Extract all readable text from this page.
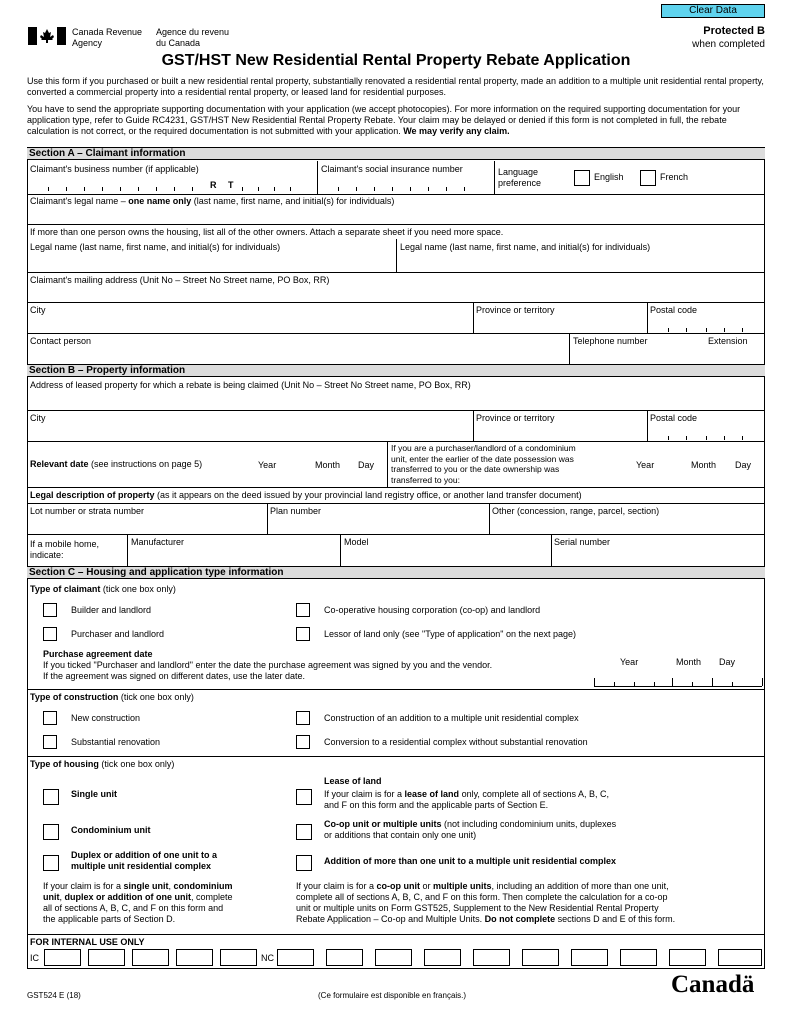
Clear Data
Canada Revenue
Agency
Agence du revenu
du Canada
Protected B
when completed
GST/HST New Residential Rental Property Rebate Application
Use this form if you purchased or built a new residential rental property, substantially renovated a residential rental property, made an addition to a multiple unit residential rental property, converted a commercial property into a residential rental property, or leased land for residential purposes.
You have to send the appropriate supporting documentation with your application (we accept photocopies). For more information on the required supporting documentation for your application type, refer to Guide RC4231, GST/HST New Residential Rental Property Rebate. Your claim may be delayed or denied if this form is not completed in full, the rebate calculation is not correct, or the required documentation is not submitted with your application. We may verify any claim.
Section A – Claimant information
Claimant's business number (if applicable)
R T
Claimant's social insurance number	Language
preference
English	French
Claimant's legal name – one name only (last name, first name, and initial(s) for individuals)
If more than one person owns the housing, list all of the other owners. Attach a separate sheet if you need more space.
Legal name (last name, first name, and initial(s) for individuals)	Legal name (last name, first name, and initial(s) for individuals)
Claimant's mailing address (Unit No – Street No Street name, PO Box, RR)
City	Province or territory	Postal code
Contact person	Telephone number	Extension
Section B – Property information
Address of leased property for which a rebate is being claimed (Unit No – Street No Street name, PO Box, RR)
City	Province or territory	Postal code
Relevant date (see instructions on page 5)	Year	Month Day
If you are a purchaser/landlord of a condominium
unit, enter the earlier of the date possession was
transferred to you or the date ownership was
transferred to you:
Year	Month Day
Legal description of property (as it appears on the deed issued by your provincial land registry office, or another land transfer document)
Lot number or strata number	Plan number	Other (concession, range, parcel, section)
If a mobile home,
indicate:
Manufacturer	Model	Serial number
Section C – Housing and application type information
Type of claimant (tick one box only)
Builder and landlord	Co-operative housing corporation (co-op) and landlord
Purchaser and landlord	Lessor of land only (see "Type of application" on the next page)
Purchase agreement date
If you ticked "Purchaser and landlord" enter the date the purchase agreement was signed by you and the vendor.
If the agreement was signed on different dates, use the later date.
Year	Month Day
Type of construction (tick one box only)
New construction	Construction of an addition to a multiple unit residential complex
Substantial renovation	Conversion to a residential complex without substantial renovation
Type of housing (tick one box only)
Single unit
Lease of land
If your claim is for a lease of land only, complete all of sections A, B, C,
and F on this form and the applicable parts of Section E.
Condominium unit
Co-op unit or multiple units (not including condominium units, duplexes
or additions that contain only one unit)
Duplex or addition of one unit to a
multiple unit residential complex	Addition of more than one unit to a multiple unit residential complex
If your claim is for a single unit, condominium
unit, duplex or addition of one unit, complete
all of sections A, B, C, and F on this form and
the applicable parts of Section D.
If your claim is for a co-op unit or multiple units, including an addition of more than one unit,
complete all of sections A, B, C, and F on this form. Then complete the calculation for a co-op
unit or multiple units on Form GST525, Supplement to the New Residential Rental Property
Rebate Application – Co-op and Multiple Units. Do not complete sections D and E of this form.
FOR INTERNAL USE ONLY
IC	NC
GST524 E (18)	(Ce formulaire est disponible en français.)	Canadä
